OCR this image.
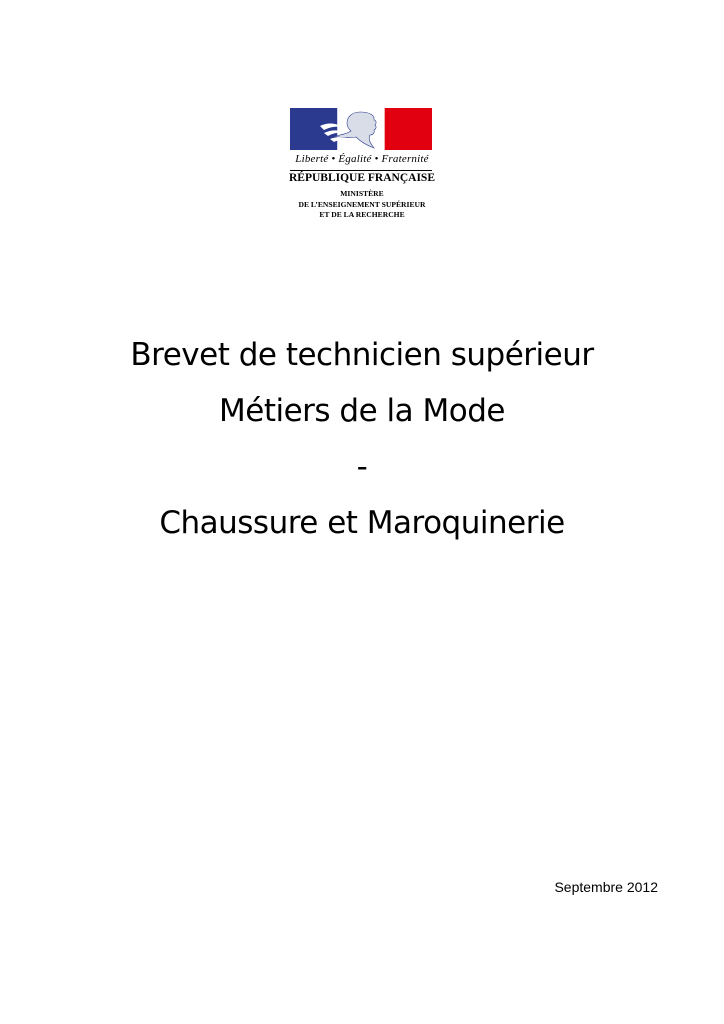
Liberté • Égalité • Fraternité
RÉPUBLIQUE FRANÇAISE
MINISTÈRE
DE L’ENSEIGNEMENT SUPÉRIEUR
ET DE LA RECHERCHE
Brevet de technicien supérieur
Métiers de la Mode
-
Chaussure et Maroquinerie
Septembre 2012
